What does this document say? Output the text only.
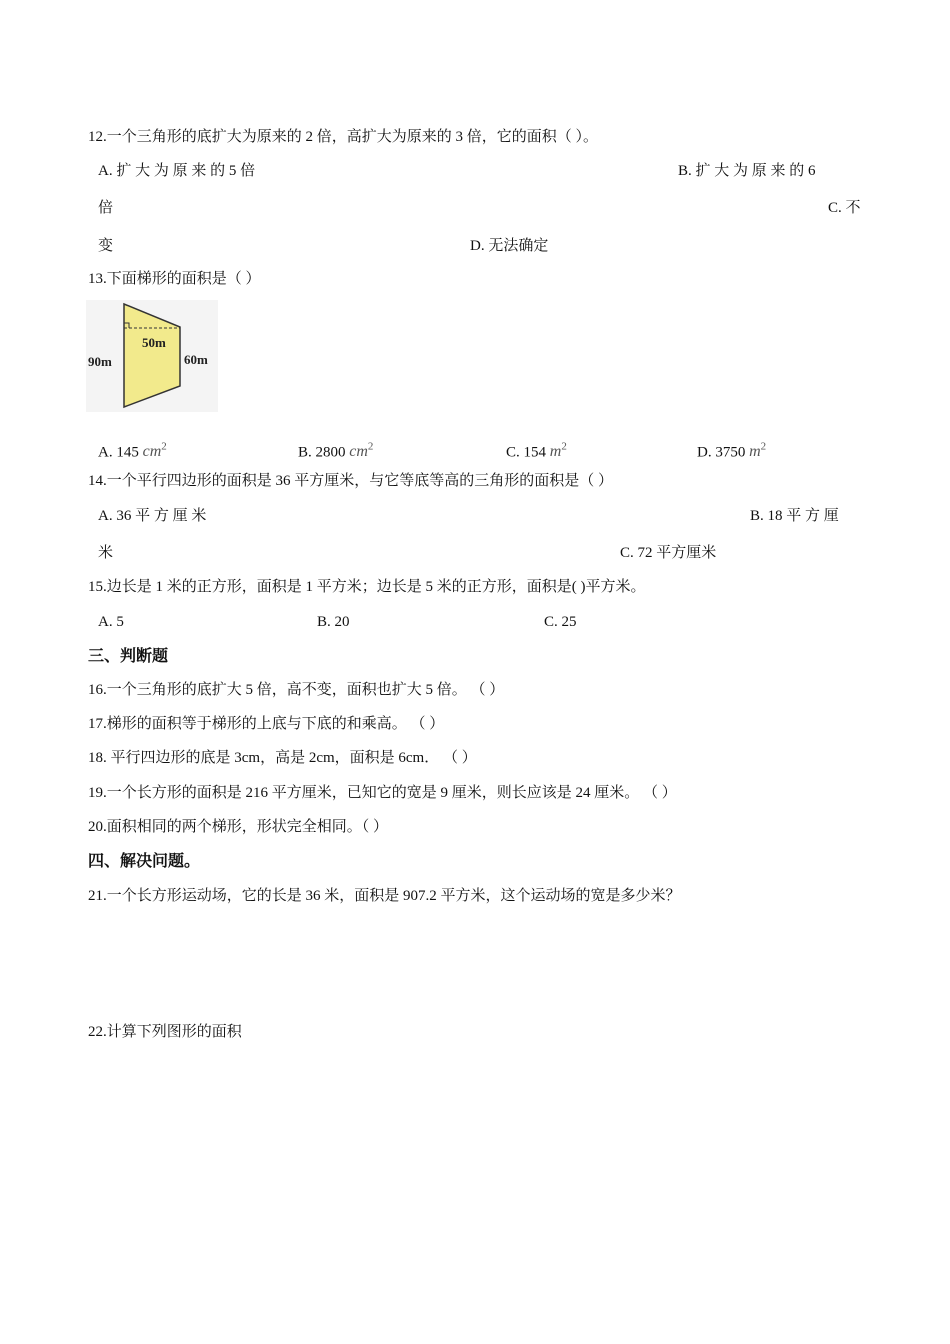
12.一个三角形的底扩大为原来的 2 倍，高扩大为原来的 3 倍，它的面积（ ）。
A. 扩 大 为 原 来 的 5 倍	B. 扩 大 为 原 来 的 6
倍	C. 不
变	D. 无法确定
13.下面梯形的面积是（ ）
90m
50m
60m
A. 145 $cm^2$	B. 2800 $cm^2$	C. 154 $m^2$	D. 3750 $m^2$
14.一个平行四边形的面积是 36 平方厘米，与它等底等高的三角形的面积是（ ）
A. 36 平 方 厘 米	B. 18 平 方 厘
米	C. 72 平方厘米
15.边长是 1 米的正方形，面积是 1 平方米；边长是 5 米的正方形，面积是( )平方米。
A. 5	B. 20	C. 25
三、判断题
16.一个三角形的底扩大 5 倍，高不变，面积也扩大 5 倍。 （ ）
17.梯形的面积等于梯形的上底与下底的和乘高。 （ ）
18. 平行四边形的底是 3cm，高是 2cm，面积是 6cm． （ ）
19.一个长方形的面积是 216 平方厘米，已知它的宽是 9 厘米，则长应该是 24 厘米。 （ ）
20.面积相同的两个梯形，形状完全相同。（ ）
四、解决问题。
21.一个长方形运动场，它的长是 36 米，面积是 907.2 平方米，这个运动场的宽是多少米？
22.计算下列图形的面积
